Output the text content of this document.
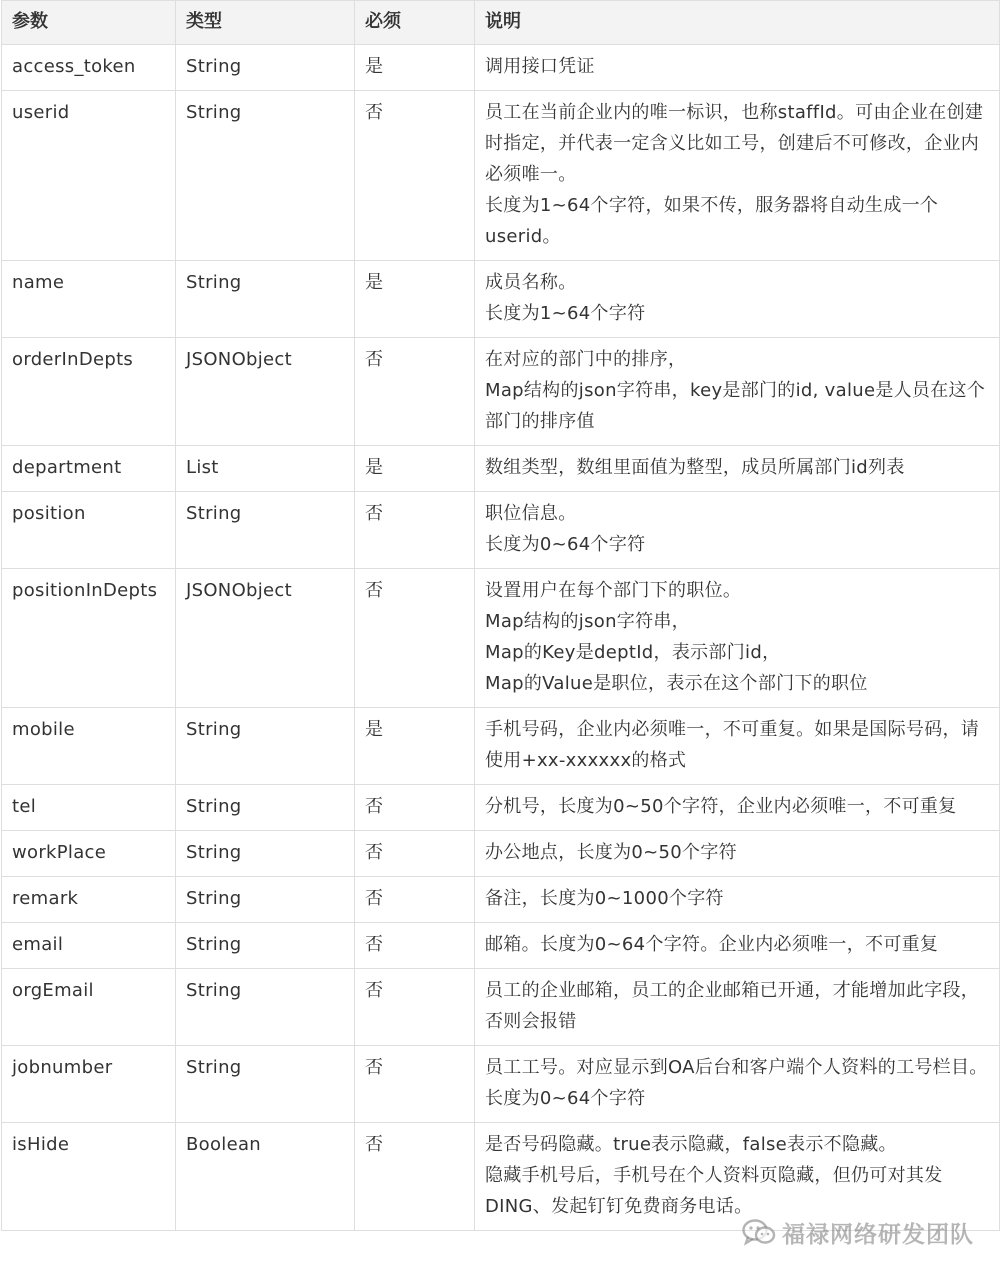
参数	类型	必须	说明
access_token	String	是	调用接口凭证

userid	String	否	员工在当前企业内的唯一标识，也称staffId。可由企业在创建时指定，并代表一定含义比如工号，创建后不可修改，企业内必须唯一。
长度为1~64个字符，如果不传，服务器将自动生成一个userid。

name	String	是	成员名称。
长度为1~64个字符

orderInDepts	JSONObject	否	在对应的部门中的排序，
Map结构的json字符串，key是部门的id, value是人员在这个部门的排序值

department	List	是	数组类型，数组里面值为整型，成员所属部门id列表

position	String	否	职位信息。
长度为0~64个字符

positionInDepts	JSONObject	否	设置用户在每个部门下的职位。
Map结构的json字符串，
Map的Key是deptId，表示部门id，
Map的Value是职位，表示在这个部门下的职位

mobile	String	是	手机号码，企业内必须唯一，不可重复。如果是国际号码，请使用+xx-xxxxxx的格式

tel	String	否	分机号，长度为0~50个字符，企业内必须唯一，不可重复

workPlace	String	否	办公地点，长度为0~50个字符

remark	String	否	备注，长度为0~1000个字符

email	String	否	邮箱。长度为0~64个字符。企业内必须唯一，不可重复

orgEmail	String	否	员工的企业邮箱，员工的企业邮箱已开通，才能增加此字段， 否则会报错

jobnumber	String	否	员工工号。对应显示到OA后台和客户端个人资料的工号栏目。
长度为0~64个字符

isHide	Boolean	否	是否号码隐藏。true表示隐藏，false表示不隐藏。
隐藏手机号后，手机号在个人资料页隐藏，但仍可对其发DING、发起钉钉免费商务电话。
福禄网络研发团队
